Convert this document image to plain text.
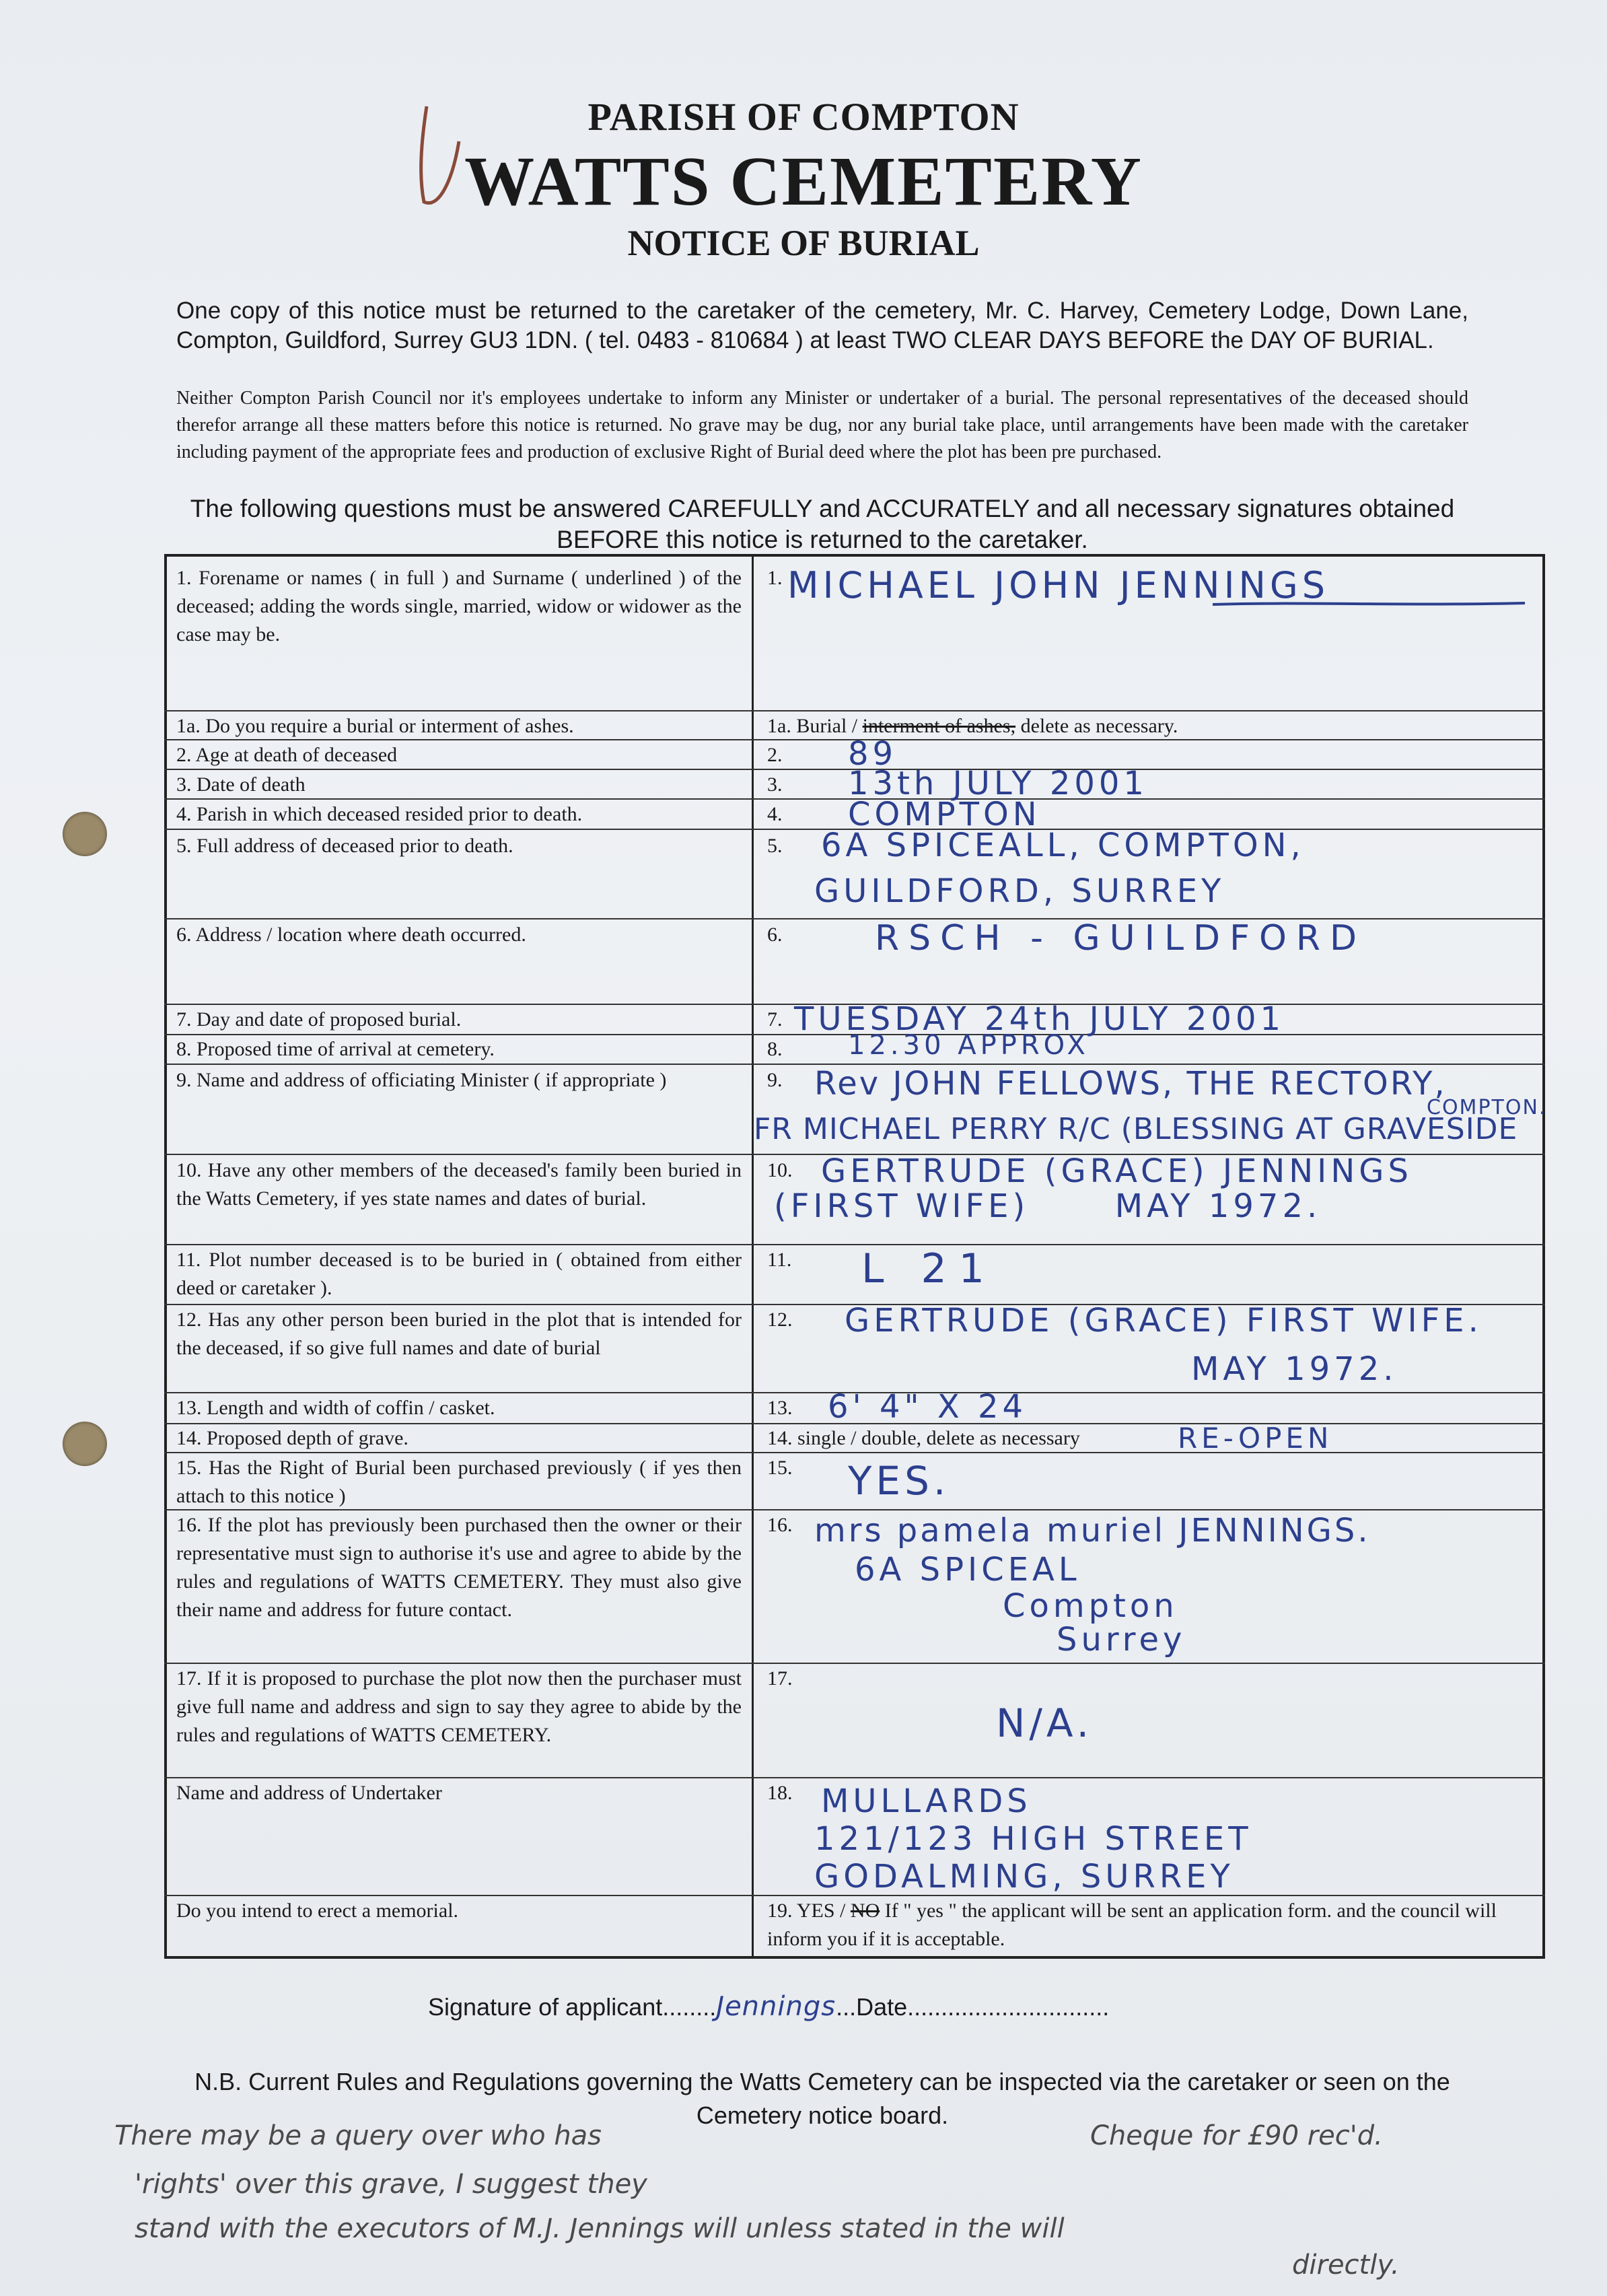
PARISH OF COMPTON
WATTS CEMETERY
NOTICE OF BURIAL
One copy of this notice must be returned to the caretaker of the cemetery, Mr. C. Harvey, Cemetery Lodge, Down Lane, Compton, Guildford, Surrey GU3 1DN. ( tel. 0483 - 810684 ) at least TWO CLEAR DAYS BEFORE the DAY OF BURIAL.
Neither Compton Parish Council nor it's employees undertake to inform any Minister or undertaker of a burial. The personal representatives of the deceased should therefor arrange all these matters before this notice is returned. No grave may be dug, nor any burial take place, until arrangements have been made with the caretaker including payment of the appropriate fees and production of exclusive Right of Burial deed where the plot has been pre purchased.
The following questions must be answered CAREFULLY and ACCURATELY and all necessary signatures obtained BEFORE this notice is returned to the caretaker.
1. Forename or names ( in full ) and Surname ( underlined ) of the deceased; adding the words single, married, widow or widower as the case may be.
1a. Do you require a burial or interment of ashes.
2. Age at death of deceased
3. Date of death
4. Parish in which deceased resided prior to death.
5. Full address of deceased prior to death.
6. Address / location where death occurred.
7. Day and date of proposed burial.
8. Proposed time of arrival at cemetery.
9. Name and address of officiating Minister ( if appropriate )
10. Have any other members of the deceased's family been buried in the Watts Cemetery, if yes state names and dates of burial.
11. Plot number deceased is to be buried in ( obtained from either deed or caretaker ).
12. Has any other person been buried in the plot that is intended for the deceased, if so give full names and date of burial
13. Length and width of coffin / casket.
14. Proposed depth of grave.
15. Has the Right of Burial been purchased previously ( if yes then attach to this notice )
16. If the plot has previously been purchased then the owner or their representative must sign to authorise it's use and agree to abide by the rules and regulations of WATTS CEMETERY. They must also give their name and address for future contact.
17. If it is proposed to purchase the plot now then the purchaser must give full name and address and sign to say they agree to abide by the rules and regulations of WATTS CEMETERY.
Name and address of Undertaker
Do you intend to erect a memorial.
1.
1a. Burial / interment of ashes, delete as necessary.
2.
3.
4.
5.
6.
7.
8.
9.
10.
11.
12.
13.
14. single / double, delete as necessary
15.
16.
17.
18.
19. YES / NO If " yes " the applicant will be sent an application form. and the council will inform you if it is acceptable.
MICHAEL JOHN JENNINGS
89
13th JULY 2001
COMPTON
6A SPICEALL, COMPTON,
GUILDFORD, SURREY
RSCH - GUILDFORD
TUESDAY 24th JULY 2001
12.30 APPROX
Rev JOHN FELLOWS, THE RECTORY,
COMPTON.
FR MICHAEL PERRY R/C (BLESSING AT GRAVESIDE
GERTRUDE (GRACE) JENNINGS
(FIRST WIFE)      MAY 1972.
L 21
GERTRUDE (GRACE) FIRST WIFE.
MAY 1972.
6' 4" X 24
RE-OPEN
YES.
mrs pamela muriel JENNINGS.
6A SPICEAL
Compton
Surrey
N/A.
MULLARDS
121/123 HIGH STREET
GODALMING, SURREY
Signature of applicant........Jennings...Date..............................
N.B. Current Rules and Regulations governing the Watts Cemetery can be inspected via the caretaker or seen on the Cemetery notice board.
There may be a query over who has	Cheque for £90 rec'd.
'rights' over this grave, I suggest they
stand with the executors of M.J. Jennings will unless stated in the will
directly.
